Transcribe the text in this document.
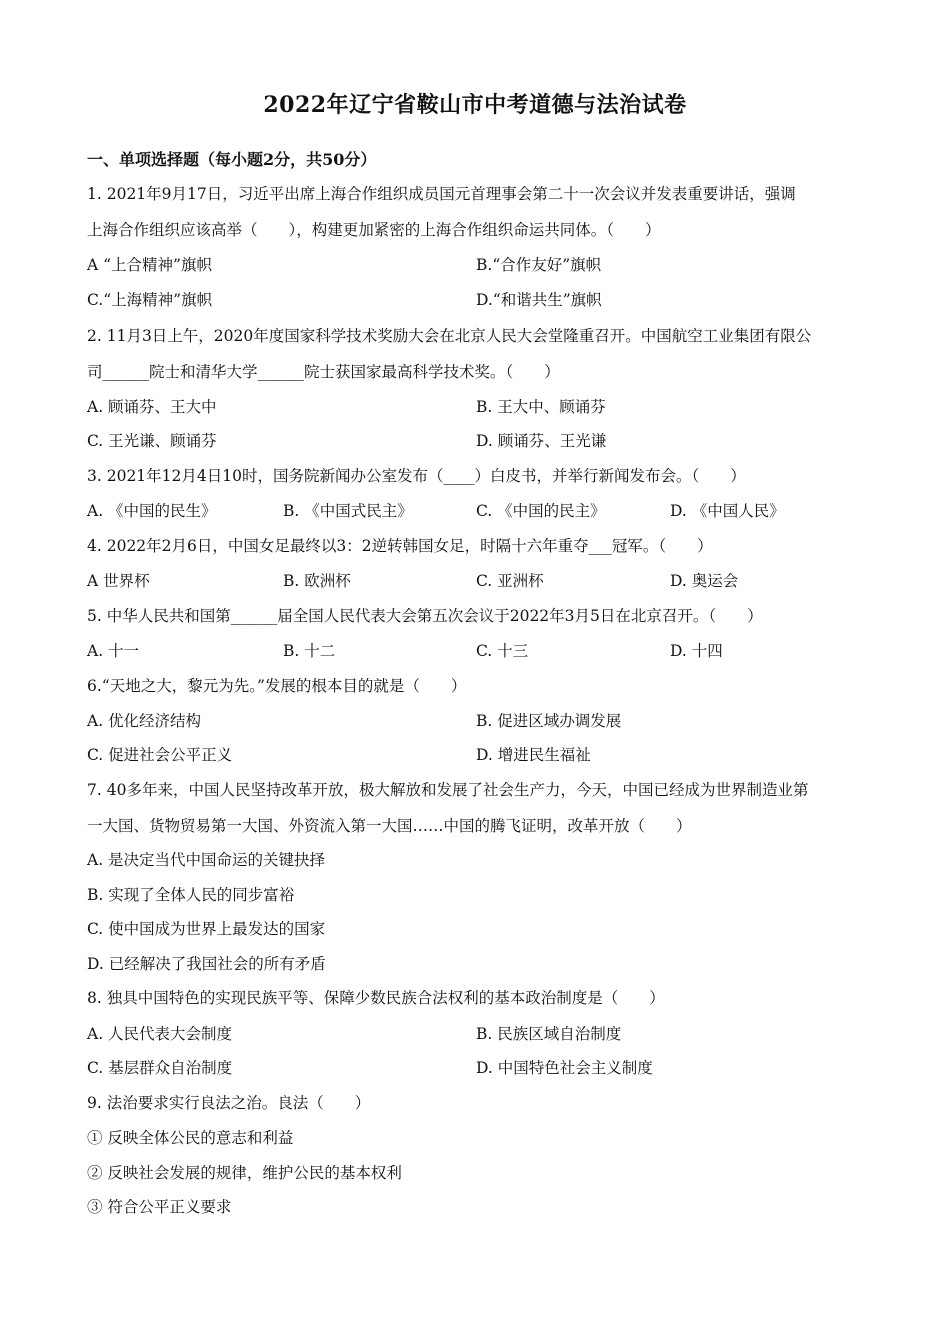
2022年辽宁省鞍山市中考道德与法治试卷
一、单项选择题（每小题2分，共50分）
1. 2021年9月17日，习近平出席上海合作组织成员国元首理事会第二十一次会议并发表重要讲话，强调
上海合作组织应该高举（　　），构建更加紧密的上海合作组织命运共同体。（　　）
A “上合精神”旗帜	B.“合作友好”旗帜
C.“上海精神”旗帜	D.“和谐共生”旗帜
2. 11月3日上午，2020年度国家科学技术奖励大会在北京人民大会堂隆重召开。中国航空工业集团有限公
司______院士和清华大学______院士获国家最高科学技术奖。（　　）
A. 顾诵芬、王大中	B. 王大中、顾诵芬
C. 王光谦、顾诵芬	D. 顾诵芬、王光谦
3. 2021年12月4日10时，国务院新闻办公室发布（____）白皮书，并举行新闻发布会。（　　）
A. 《中国的民生》	B. 《中国式民主》	C. 《中国的民主》	D. 《中国人民》
4. 2022年2月6日，中国女足最终以3：2逆转韩国女足，时隔十六年重夺___冠军。（　　）
A 世界杯	B. 欧洲杯	C. 亚洲杯	D. 奥运会
5. 中华人民共和国第______届全国人民代表大会第五次会议于2022年3月5日在北京召开。（　　）
A. 十一	B. 十二	C. 十三	D. 十四
6.“天地之大，黎元为先。”发展的根本目的就是（　　）
A. 优化经济结构	B. 促进区域办调发展
C. 促进社会公平正义	D. 增进民生福祉
7. 40多年来，中国人民坚持改革开放，极大解放和发展了社会生产力，今天，中国已经成为世界制造业第
一大国、货物贸易第一大国、外资流入第一大国……中国的腾飞证明，改革开放（　　）
A. 是决定当代中国命运的关键抉择
B. 实现了全体人民的同步富裕
C. 使中国成为世界上最发达的国家
D. 已经解决了我国社会的所有矛盾
8. 独具中国特色的实现民族平等、保障少数民族合法权利的基本政治制度是（　　）
A. 人民代表大会制度	B. 民族区域自治制度
C. 基层群众自治制度	D. 中国特色社会主义制度
9. 法治要求实行良法之治。良法（　　）
① 反映全体公民的意志和利益
② 反映社会发展的规律，维护公民的基本权利
③ 符合公平正义要求
